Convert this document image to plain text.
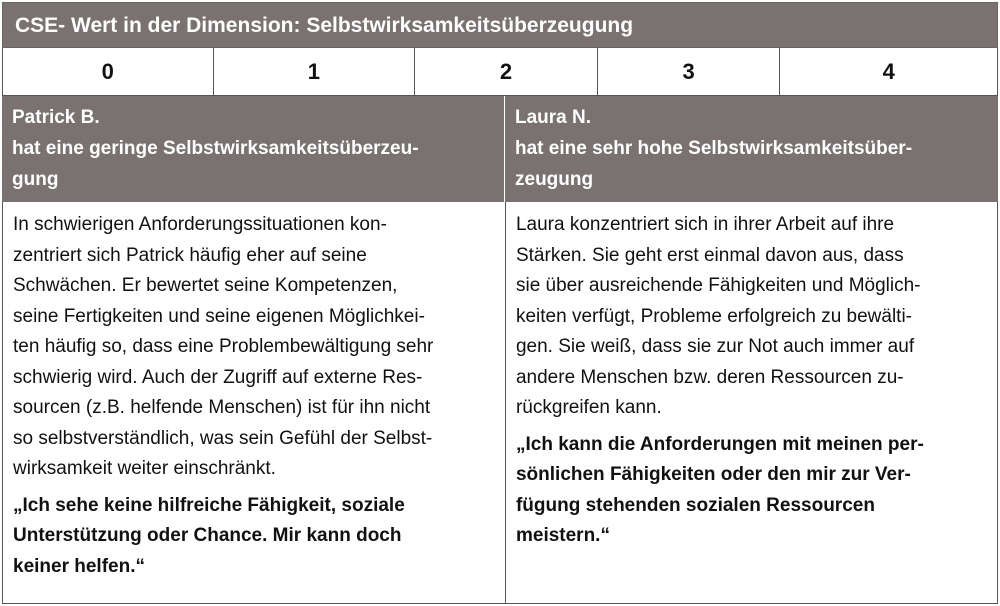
CSE- Wert in der Dimension: Selbstwirksamkeitsüberzeugung
0	1	2	3	4
Patrick B.
hat eine geringe Selbstwirksamkeitsüberzeu-
gung
Laura N.
hat eine sehr hohe Selbstwirksamkeitsüber-
zeugung
In schwierigen Anforderungssituationen kon-
zentriert sich Patrick häufig eher auf seine
Schwächen. Er bewertet seine Kompetenzen,
seine Fertigkeiten und seine eigenen Möglichkei-
ten häufig so, dass eine Problembewältigung sehr
schwierig wird. Auch der Zugriff auf externe Res-
sourcen (z.B. helfende Menschen) ist für ihn nicht
so selbstverständlich, was sein Gefühl der Selbst-
wirksamkeit weiter einschränkt.
„Ich sehe keine hilfreiche Fähigkeit, soziale
Unterstützung oder Chance. Mir kann doch
keiner helfen.“
Laura konzentriert sich in ihrer Arbeit auf ihre
Stärken. Sie geht erst einmal davon aus, dass
sie über ausreichende Fähigkeiten und Möglich-
keiten verfügt, Probleme erfolgreich zu bewälti-
gen. Sie weiß, dass sie zur Not auch immer auf
andere Menschen bzw. deren Ressourcen zu-
rückgreifen kann.
„Ich kann die Anforderungen mit meinen per-
sönlichen Fähigkeiten oder den mir zur Ver-
fügung stehenden sozialen Ressourcen
meistern.“
